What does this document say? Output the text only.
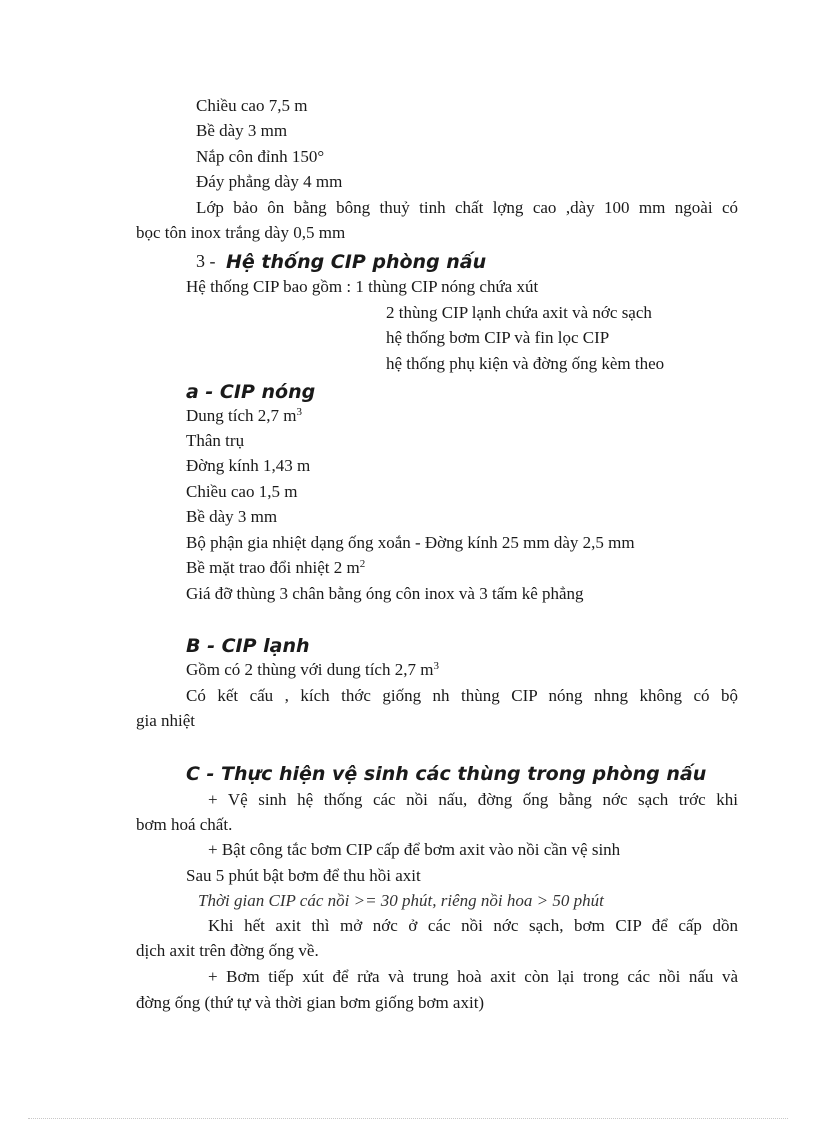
Chiều cao 7,5 m
Bề dày 3 mm
Nắp côn đỉnh 150°
Đáy phẳng dày 4 mm
Lớp bảo ôn bằng bông thuỷ tinh chất lợng cao ,dày 100 mm ngoài có
bọc tôn inox trắng dày 0,5 mm
3 - Hệ thống CIP phòng nấu
Hệ thống CIP bao gồm : 1 thùng CIP nóng chứa xút
2 thùng CIP lạnh chứa axit và nớc sạch
hệ thống bơm CIP và fin lọc CIP
hệ thống phụ kiện và đờng ống kèm theo
a - CIP nóng
Dung tích 2,7 $m^3$
Thân trụ
Đờng kính 1,43 m
Chiều cao 1,5 m
Bề dày 3 mm
Bộ phận gia nhiệt dạng ống xoắn - Đờng kính 25 mm dày 2,5 mm
Bề mặt trao đổi nhiệt 2 $m^2$
Giá đỡ thùng 3 chân bằng óng côn inox và 3 tấm kê phẳng
B - CIP lạnh
Gồm có 2 thùng với dung tích 2,7 $m^3$
Có kết cấu , kích thớc giống nh thùng CIP nóng nhng không có bộ
gia nhiệt
C - Thực hiện vệ sinh các thùng trong phòng nấu
+ Vệ sinh hệ thống các nồi nấu, đờng ống bằng nớc sạch trớc khi
bơm hoá chất.
+ Bật công tắc bơm CIP cấp để bơm axit vào nồi cần vệ sinh
Sau 5 phút bật bơm để thu hồi axit
Thời gian CIP các nồi >= 30 phút, riêng nồi hoa > 50 phút
Khi hết axit thì mở nớc ở các nồi nớc sạch, bơm CIP để cấp dồn
dịch axit trên đờng ống về.
+ Bơm tiếp xút để rửa và trung hoà axit còn lại trong các nồi nấu và
đờng ống (thứ tự và thời gian bơm giống bơm axit)
